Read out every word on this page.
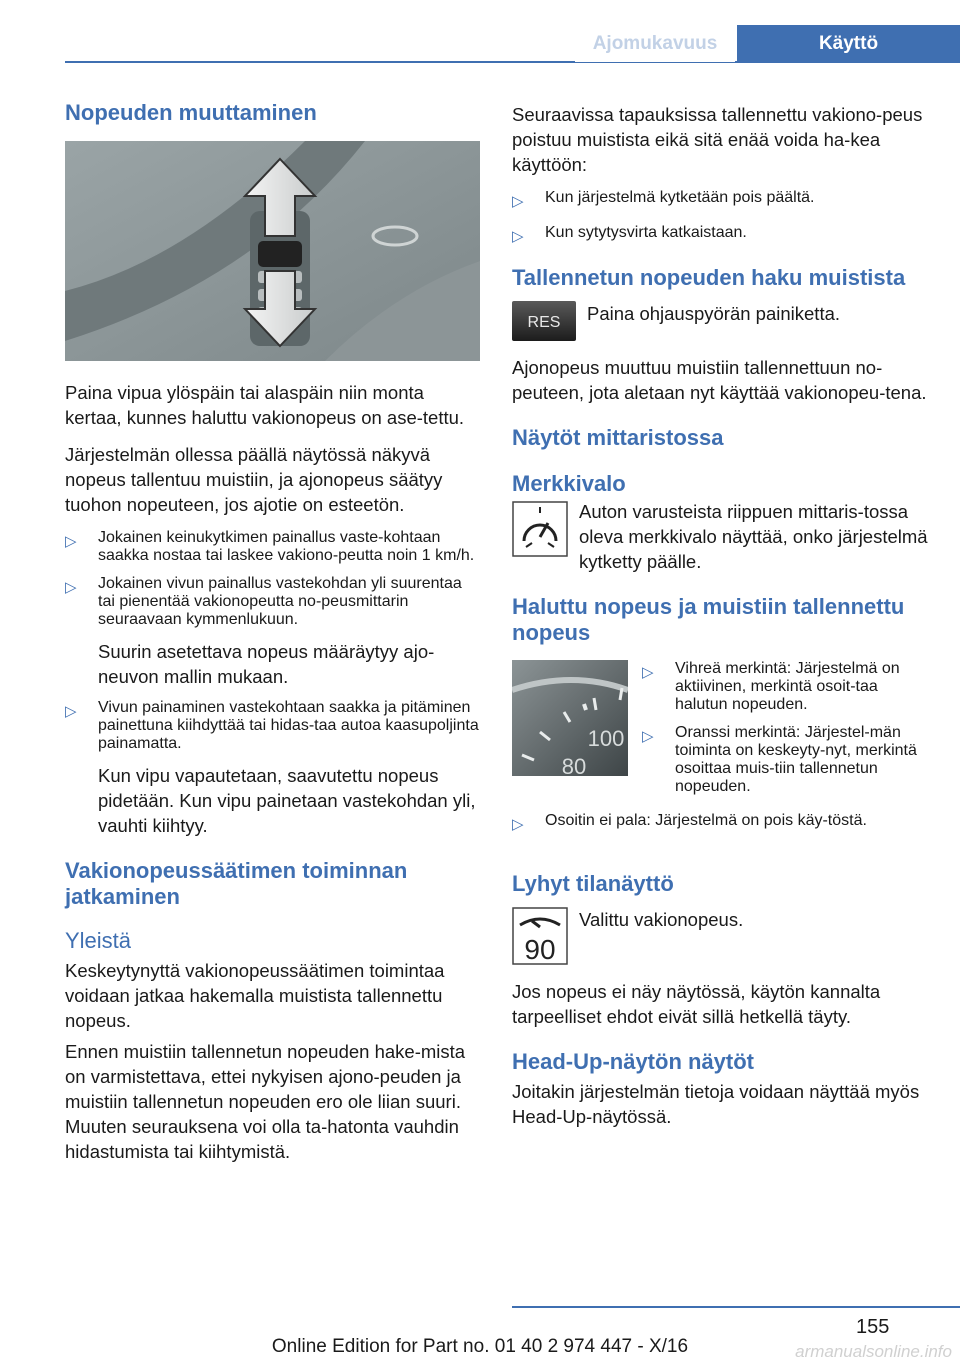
Ajomukavuus	Käyttö
Nopeuden muuttaminen

Paina vipua ylöspäin tai alaspäin niin monta kertaa, kunnes haluttu vakionopeus on ase‐tettu.

Järjestelmän ollessa päällä näytössä näkyvä nopeus tallentuu muistiin, ja ajonopeus säätyy tuohon nopeuteen, jos ajotie on esteetön.

▷	Jokainen keinukytkimen painallus vaste‐kohtaan saakka nostaa tai laskee vakiono‐peutta noin 1 km/h.
▷	Jokainen vivun painallus vastekohdan yli suurentaa tai pienentää vakionopeutta no‐peusmittarin seuraavaan kymmenlukuun.

Suurin asetettava nopeus määräytyy ajo‐neuvon mallin mukaan.

▷	Vivun painaminen vastekohtaan saakka ja pitäminen painettuna kiihdyttää tai hidas‐taa autoa kaasupoljinta painamatta.

Kun vipu vapautetaan, saavutettu nopeus pidetään. Kun vipu painetaan vastekohdan yli, vauhti kiihtyy.

Vakionopeussäätimen toiminnan jatkaminen
Yleistä

Keskeytynyttä vakionopeussäätimen toimintaa voidaan jatkaa hakemalla muistista tallennettu nopeus.

Ennen muistiin tallennetun nopeuden hake‐mista on varmistettava, ettei nykyisen ajono‐peuden ja muistiin tallennetun nopeuden ero ole liian suuri. Muuten seurauksena voi olla ta‐hatonta vauhdin hidastumista tai kiihtymistä.

Seuraavissa tapauksissa tallennettu vakiono‐peus poistuu muistista eikä sitä enää voida ha‐kea käyttöön:

▷	Kun järjestelmä kytketään pois päältä.
▷	Kun sytytysvirta katkaistaan.
Tallennetun nopeuden haku muistista
RES Paina ohjauspyörän painiketta.

Ajonopeus muuttuu muistiin tallennettuun no‐peuteen, jota aletaan nyt käyttää vakionopeu‐tena.

Näytöt mittaristossa
Merkkivalo

Auton varusteista riippuen mittaris‐tossa oleva merkkivalo näyttää, onko järjestelmä kytketty päälle.

Haluttu nopeus ja muistiin tallennettu nopeus
100
80
▷	Vihreä merkintä: Järjestelmä on aktiivinen, merkintä osoit‐taa halutun nopeuden.
▷	Oranssi merkintä: Järjestel‐män toiminta on keskeyty‐nyt, merkintä osoittaa muis‐tiin tallennetun nopeuden.
▷	Osoitin ei pala: Järjestelmä on pois käy‐töstä.
Lyhyt tilanäyttö
90

Valittu vakionopeus.

Jos nopeus ei näy näytössä, käytön kannalta tarpeelliset ehdot eivät sillä hetkellä täyty.

Head-Up-näytön näytöt

Joitakin järjestelmän tietoja voidaan näyttää myös Head-Up-näytössä.

155
Online Edition for Part no. 01 40 2 974 447 - X/16	armanualsonline.info
